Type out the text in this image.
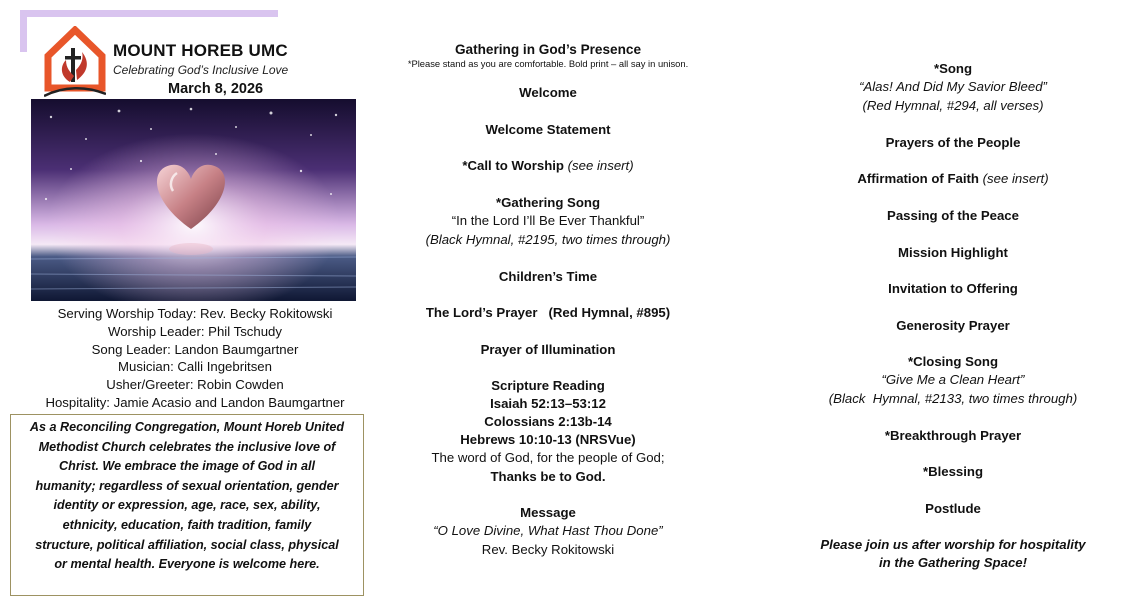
MOUNT HOREB UMC
Celebrating God’s Inclusive Love
March 8, 2026
Serving Worship Today: Rev. Becky Rokitowski
Worship Leader: Phil Tschudy
Song Leader: Landon Baumgartner
Musician: Calli Ingebritsen
Usher/Greeter: Robin Cowden
Hospitality: Jamie Acasio and Landon Baumgartner
As a Reconciling Congregation, Mount Horeb United
Methodist Church celebrates the inclusive love of
Christ. We embrace the image of God in all
humanity; regardless of sexual orientation, gender
identity or expression, age, race, sex, ability,
ethnicity, education, faith tradition, family
structure, political affiliation, social class, physical
or mental health. Everyone is welcome here.
Gathering in God’s Presence
*Please stand as you are comfortable. Bold print – all say in unison.
Welcome
Welcome Statement
*Call to Worship (see insert)
*Gathering Song
“In the Lord I’ll Be Ever Thankful”
(Black Hymnal, #2195, two times through)
Children’s Time
The Lord’s Prayer   (Red Hymnal, #895)
Prayer of Illumination
Scripture Reading
Isaiah 52:13–53:12
Colossians 2:13b-14
Hebrews 10:10-13 (NRSVue)
The word of God, for the people of God;
Thanks be to God.
Message
“O Love Divine, What Hast Thou Done”
Rev. Becky Rokitowski
*Song
“Alas! And Did My Savior Bleed”
(Red Hymnal, #294, all verses)
Prayers of the People
Affirmation of Faith (see insert)
Passing of the Peace
Mission Highlight
Invitation to Offering
Generosity Prayer
*Closing Song
“Give Me a Clean Heart”
(Black  Hymnal, #2133, two times through)
*Breakthrough Prayer
*Blessing
Postlude
Please join us after worship for hospitality
in the Gathering Space!
